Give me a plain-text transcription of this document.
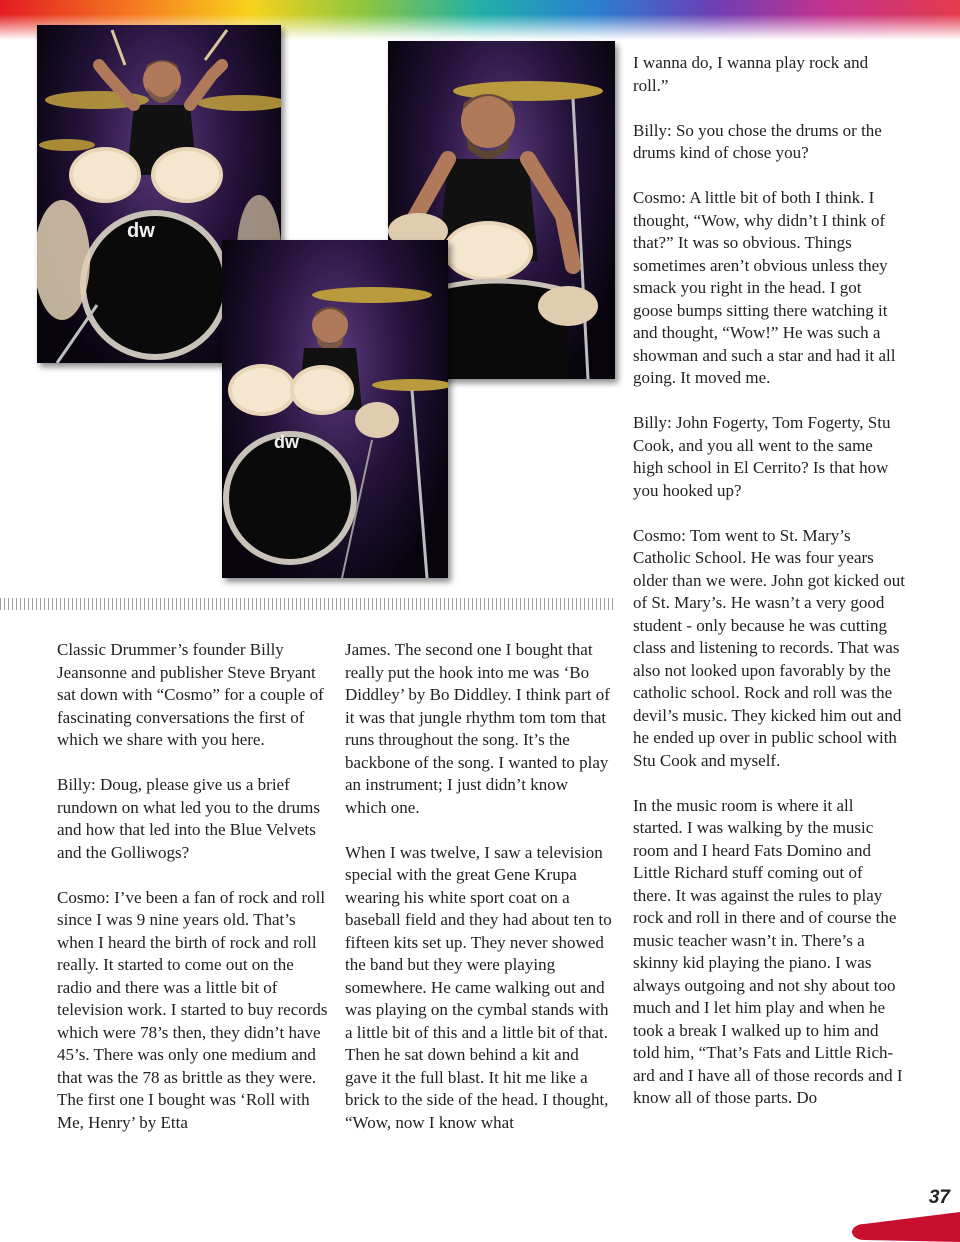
dw
dw

Classic Drummer’s founder Billy Jeansonne and publisher Steve Bryant sat down with “Cosmo” for a couple of fascinating conversations the first of which we share with you here.

Billy: Doug, please give us a brief rundown on what led you to the drums and how that led into the Blue Velvets and the Golliwogs?

Cosmo: I’ve been a fan of rock and roll since I was 9 nine years old. That’s when I heard the birth of rock and roll really. It started to come out on the radio and there was a little bit of television work. I started to buy records which were 78’s then, they didn’t have 45’s. There was only one medium and that was the 78 as brittle as they were. The first one I bought was ‘Roll with Me, Henry’ by Etta

James. The second one I bought that really put the hook into me was ‘Bo Diddley’ by Bo Diddley. I think part of it was that jungle rhythm tom tom that runs throughout the song. It’s the backbone of the song. I wanted to play an instrument; I just didn’t know which one.

When I was twelve, I saw a television special with the great Gene Krupa wearing his white sport coat on a baseball field and they had about ten to fifteen kits set up. They never showed the band but they were playing somewhere. He came walking out and was playing on the cymbal stands with a little bit of this and a little bit of that. Then he sat down behind a kit and gave it the full blast. It hit me like a brick to the side of the head. I thought, “Wow, now I know what

I wanna do, I wanna play rock and roll.”

Billy: So you chose the drums or the drums kind of chose you?

Cosmo: A little bit of both I think. I thought, “Wow, why didn’t I think of that?” It was so obvious. Things sometimes aren’t obvious unless they smack you right in the head. I got goose bumps sitting there watching it and thought, “Wow!” He was such a showman and such a star and had it all going. It moved me.

Billy: John Fogerty, Tom Fogerty, Stu Cook, and you all went to the same high school in El Cerrito? Is that how you hooked up?

Cosmo: Tom went to St. Mary’s Catholic School. He was four years older than we were. John got kicked out of St. Mary’s. He wasn’t a very good student - only because he was cutting class and listening to records. That was also not looked upon favorably by the catholic school. Rock and roll was the devil’s music. They kicked him out and he ended up over in public school with Stu Cook and myself.

In the music room is where it all started. I was walking by the music room and I heard Fats Domino and Little Richard stuff coming out of there. It was against the rules to play rock and roll in there and of course the music teacher wasn’t in. There’s a skinny kid playing the piano. I was always outgoing and not shy about too much and I let him play and when he took a break I walked up to him and told him, “That’s Fats and Little Richard and I have all of those records and I know all of those parts. Do

37
